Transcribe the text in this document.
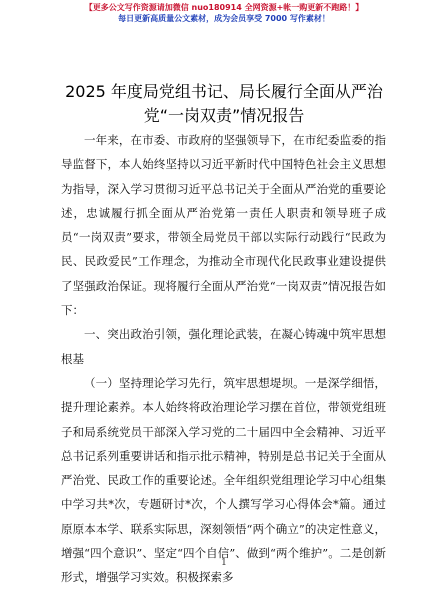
【更多公文写作资源请加微信 nuo180914 全网资源+帐一购更新不跑路！】
每日更新高质量公文素材，成为会员享受 7000 写作素材！
2025 年度局党组书记、局长履行全面从严治
党“一岗双责”情况报告

一年来，在市委、市政府的坚强领导下，在市纪委监委的指导监督下，本人始终坚持以习近平新时代中国特色社会主义思想为指导，深入学习贯彻习近平总书记关于全面从严治党的重要论述，忠诚履行抓全面从严治党第一责任人职责和领导班子成员“一岗双责”要求，带领全局党员干部以实际行动践行“民政为民、民政爱民”工作理念，为推动全市现代化民政事业建设提供了坚强政治保证。现将履行全面从严治党“一岗双责”情况报告如下：

一、突出政治引领，强化理论武装，在凝心铸魂中筑牢思想根基

（一）坚持理论学习先行，筑牢思想堤坝。一是深学细悟，提升理论素养。本人始终将政治理论学习摆在首位，带领党组班子和局系统党员干部深入学习党的二十届四中全会精神、习近平总书记系列重要讲话和指示批示精神，特别是总书记关于全面从严治党、民政工作的重要论述。全年组织党组理论学习中心组集中学习共*次，专题研讨*次，个人撰写学习心得体会*篇。通过原原本本学、联系实际思，深刻领悟“两个确立”的决定性意义，增强“四个意识”、坚定“四个自信”、做到“两个维护”。二是创新形式，增强学习实效。积极探索多

1
